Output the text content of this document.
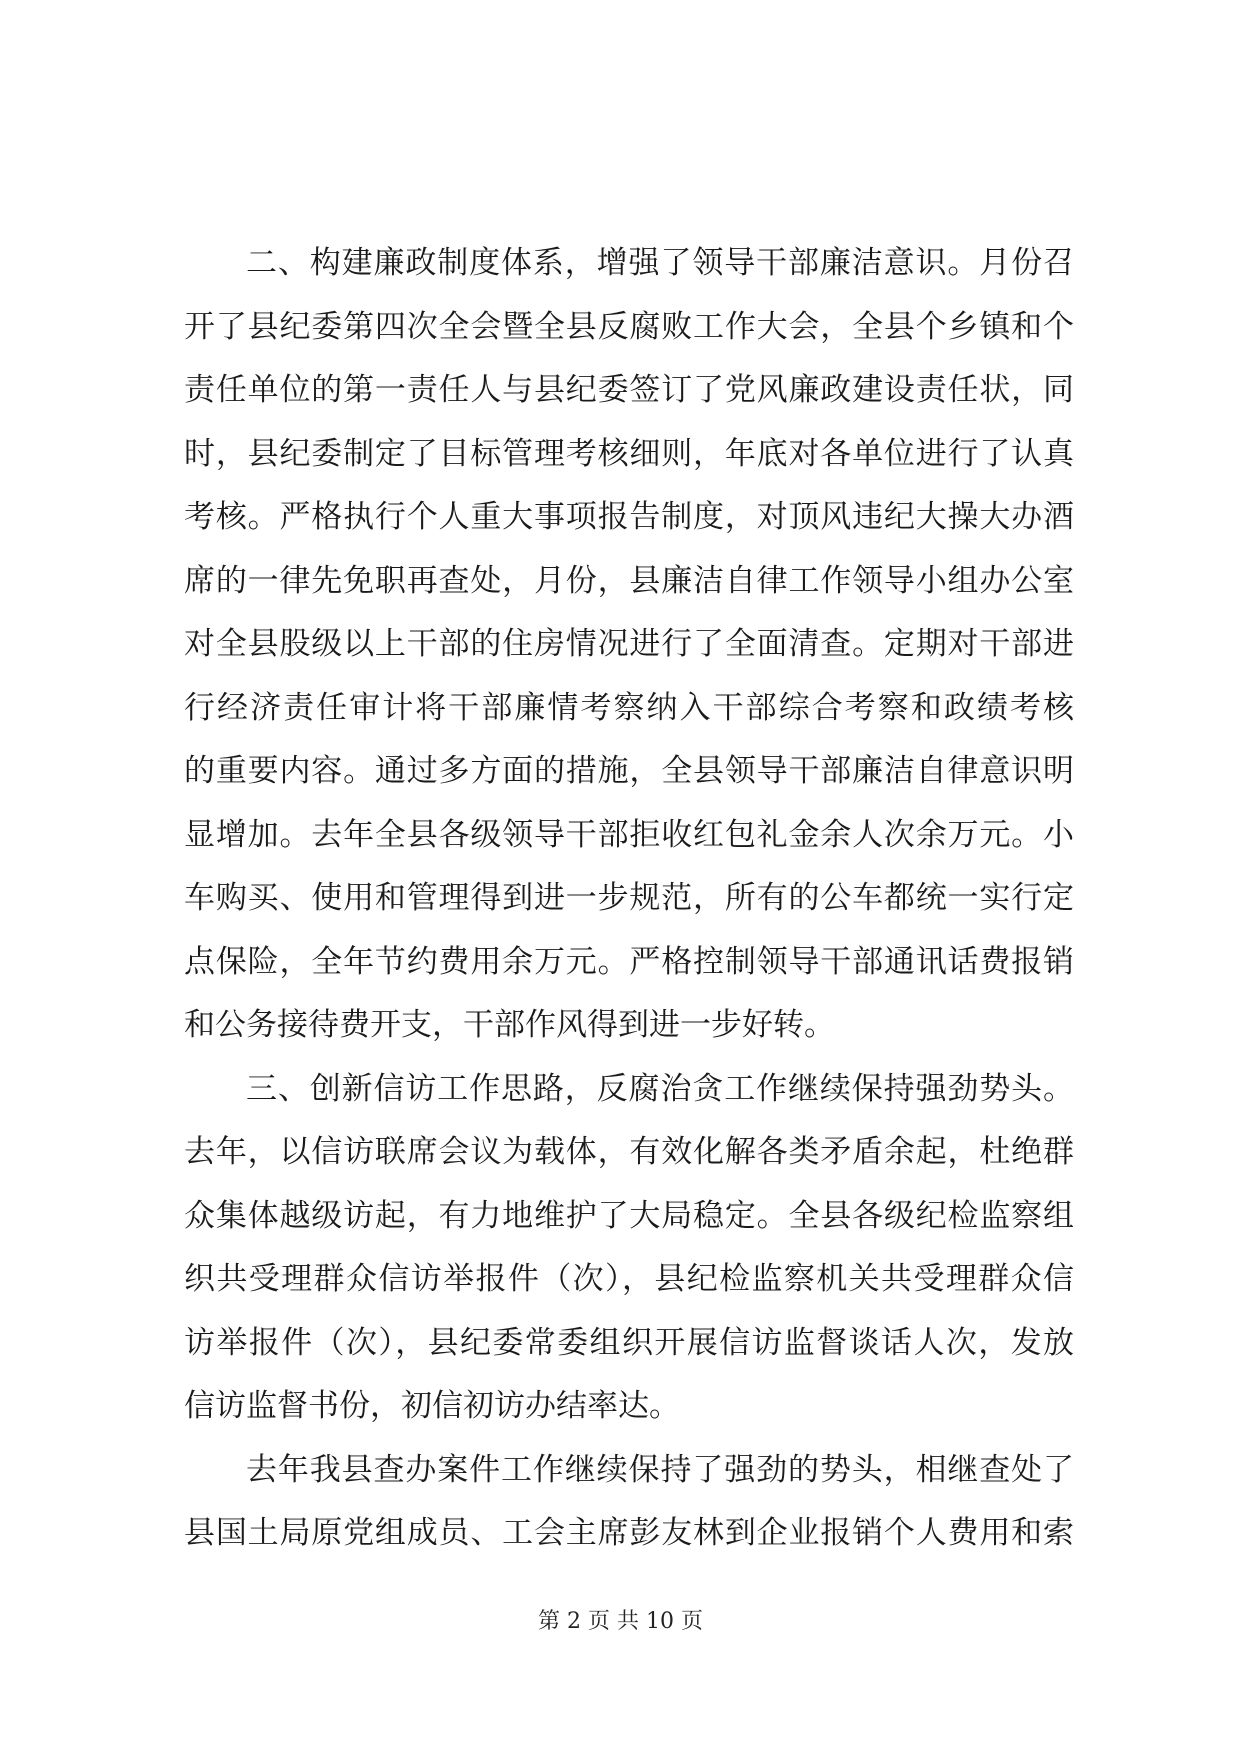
二、构建廉政制度体系，增强了领导干部廉洁意识。月份召
开了县纪委第四次全会暨全县反腐败工作大会，全县个乡镇和个
责任单位的第一责任人与县纪委签订了党风廉政建设责任状，同
时，县纪委制定了目标管理考核细则，年底对各单位进行了认真
考核。严格执行个人重大事项报告制度，对顶风违纪大操大办酒
席的一律先免职再查处，月份，县廉洁自律工作领导小组办公室
对全县股级以上干部的住房情况进行了全面清查。定期对干部进
行经济责任审计将干部廉情考察纳入干部综合考察和政绩考核
的重要内容。通过多方面的措施，全县领导干部廉洁自律意识明
显增加。去年全县各级领导干部拒收红包礼金余人次余万元。小
车购买、使用和管理得到进一步规范，所有的公车都统一实行定
点保险，全年节约费用余万元。严格控制领导干部通讯话费报销
和公务接待费开支，干部作风得到进一步好转。
三、创新信访工作思路，反腐治贪工作继续保持强劲势头。
去年，以信访联席会议为载体，有效化解各类矛盾余起，杜绝群
众集体越级访起，有力地维护了大局稳定。全县各级纪检监察组
织共受理群众信访举报件（次），县纪检监察机关共受理群众信
访举报件（次），县纪委常委组织开展信访监督谈话人次，发放
信访监督书份，初信初访办结率达。
去年我县查办案件工作继续保持了强劲的势头，相继查处了
县国土局原党组成员、工会主席彭友林到企业报销个人费用和索
第 2 页 共 10 页
